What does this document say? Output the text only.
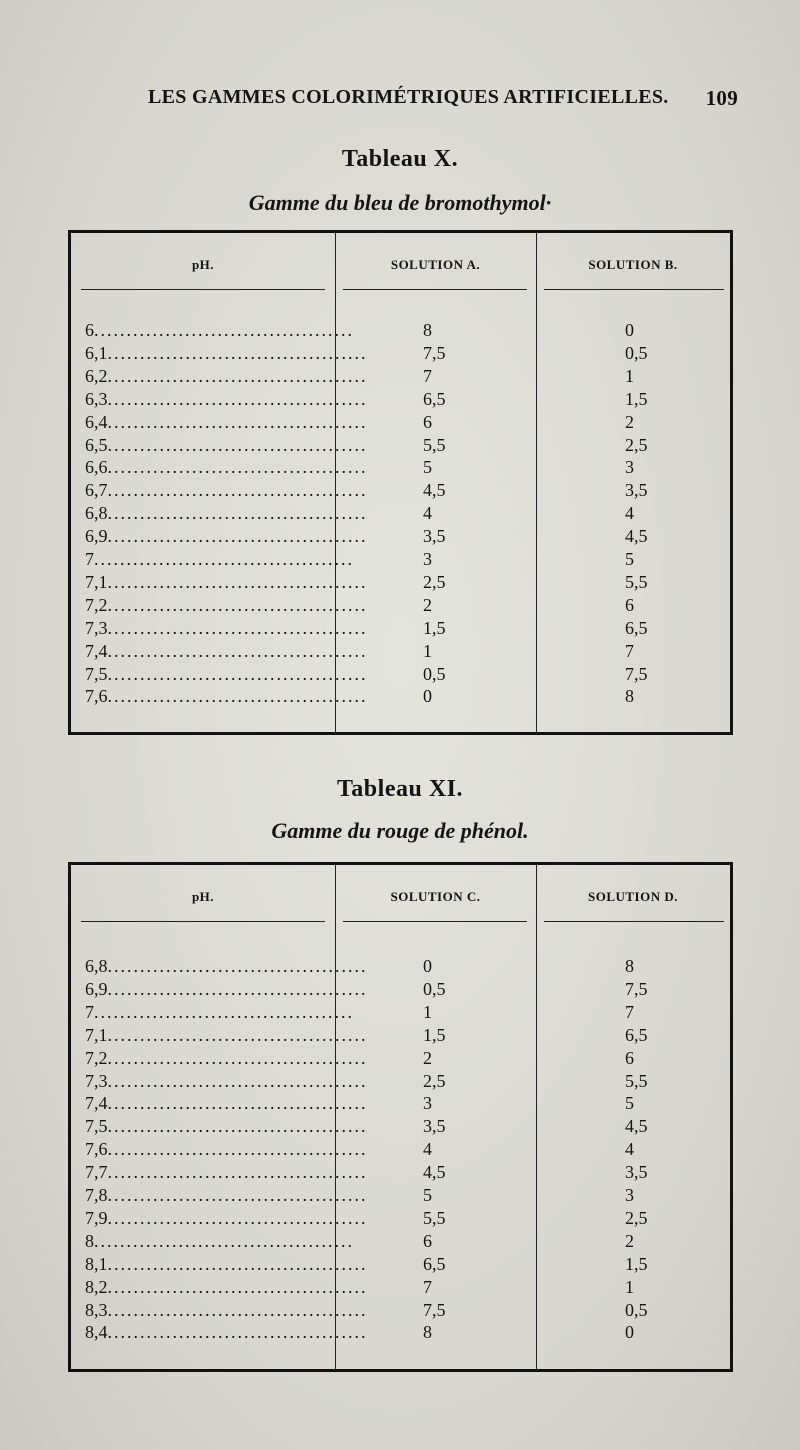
LES GAMMES COLORIMÉTRIQUES ARTIFICIELLES. 109
Tableau X.
Gamme du bleu de bromothymol·
pH.	SOLUTION A.	SOLUTION B.
6........................................	8	0
6,1........................................	7,5	0,5
6,2........................................	7	1
6,3........................................	6,5	1,5
6,4........................................	6	2
6,5........................................	5,5	2,5
6,6........................................	5	3
6,7........................................	4,5	3,5
6,8........................................	4	4
6,9........................................	3,5	4,5
7........................................	3	5
7,1........................................	2,5	5,5
7,2........................................	2	6
7,3........................................	1,5	6,5
7,4........................................	1	7
7,5........................................	0,5	7,5
7,6........................................	0	8
Tableau XI.
Gamme du rouge de phénol.
pH.	SOLUTION C.	SOLUTION D.
6,8........................................	0	8
6,9........................................	0,5	7,5
7........................................	1	7
7,1........................................	1,5	6,5
7,2........................................	2	6
7,3........................................	2,5	5,5
7,4........................................	3	5
7,5........................................	3,5	4,5
7,6........................................	4	4
7,7........................................	4,5	3,5
7,8........................................	5	3
7,9........................................	5,5	2,5
8........................................	6	2
8,1........................................	6,5	1,5
8,2........................................	7	1
8,3........................................	7,5	0,5
8,4........................................	8	0
